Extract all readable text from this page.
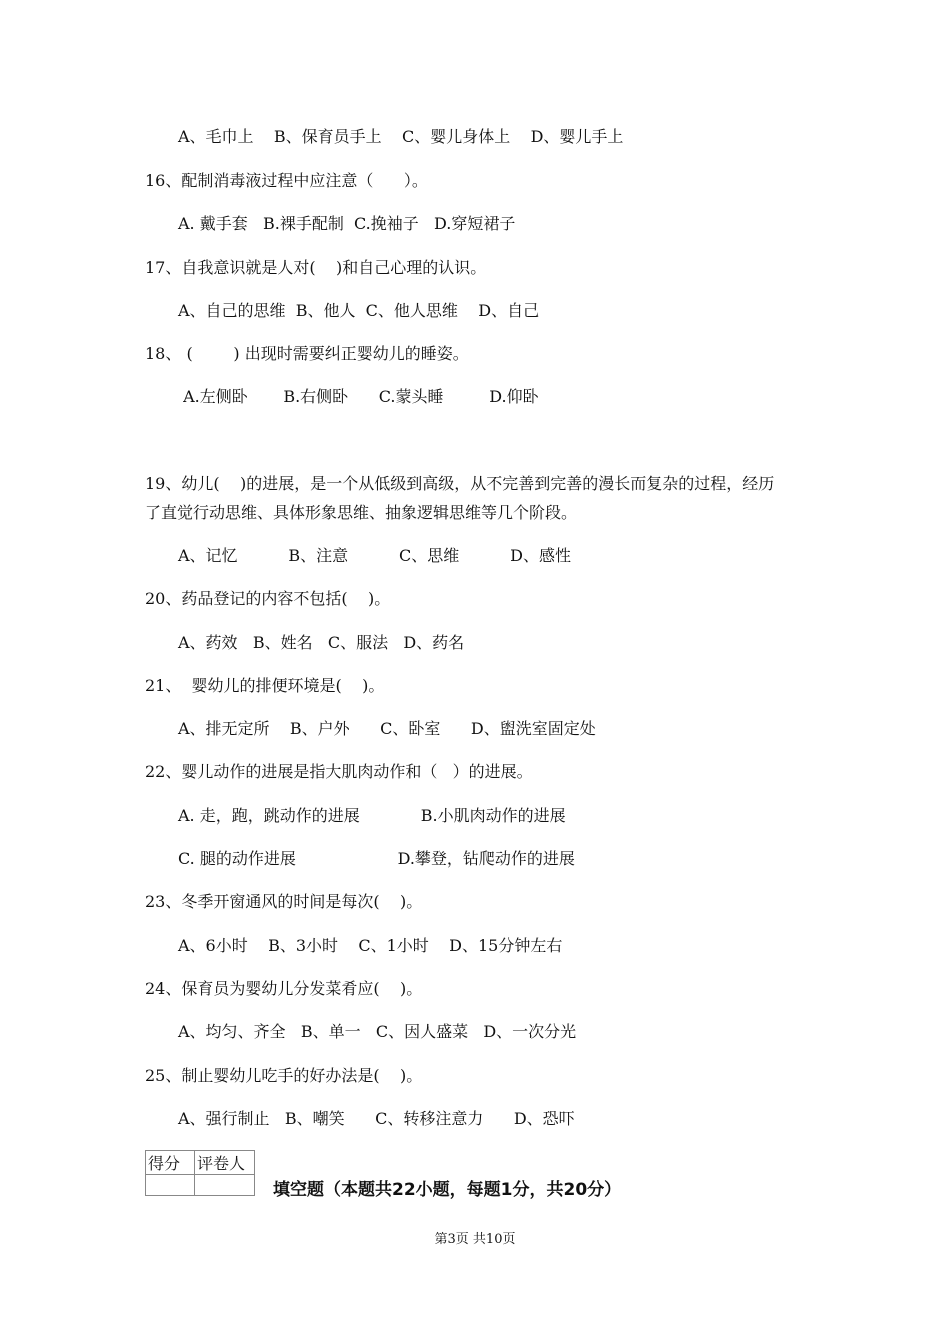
A、毛巾上    B、保育员手上    C、婴儿身体上    D、婴儿手上
16、配制消毒液过程中应注意（      ）。
A. 戴手套   B.裸手配制  C.挽袖子   D.穿短裙子
17、自我意识就是人对(    )和自己心理的认识。
A、自己的思维  B、他人  C、他人思维    D、自己
18、 (        ) 出现时需要纠正婴幼儿的睡姿。
A.左侧卧       B.右侧卧      C.蒙头睡         D.仰卧
19、幼儿(    )的进展，是一个从低级到高级，从不完善到完善的漫长而复杂的过程，经历
了直觉行动思维、具体形象思维、抽象逻辑思维等几个阶段。
A、记忆          B、注意          C、思维          D、感性
20、药品登记的内容不包括(    )。
A、药效   B、姓名   C、服法   D、药名
21、  婴幼儿的排便环境是(    )。
A、排无定所    B、户外      C、卧室      D、盥洗室固定处
22、婴儿动作的进展是指大肌肉动作和（   ）的进展。
A. 走，跑，跳动作的进展            B.小肌肉动作的进展
C. 腿的动作进展                    D.攀登，钻爬动作的进展
23、冬季开窗通风的时间是每次(    )。
A、6小时    B、3小时    C、1小时    D、15分钟左右
24、保育员为婴幼儿分发菜肴应(    )。
A、均匀、齐全   B、单一   C、因人盛菜   D、一次分光
25、制止婴幼儿吃手的好办法是(    )。
A、强行制止   B、嘲笑      C、转移注意力      D、恐吓
得分	评卷人

填空题（本题共22小题，每题1分，共20分）
第3页 共10页
